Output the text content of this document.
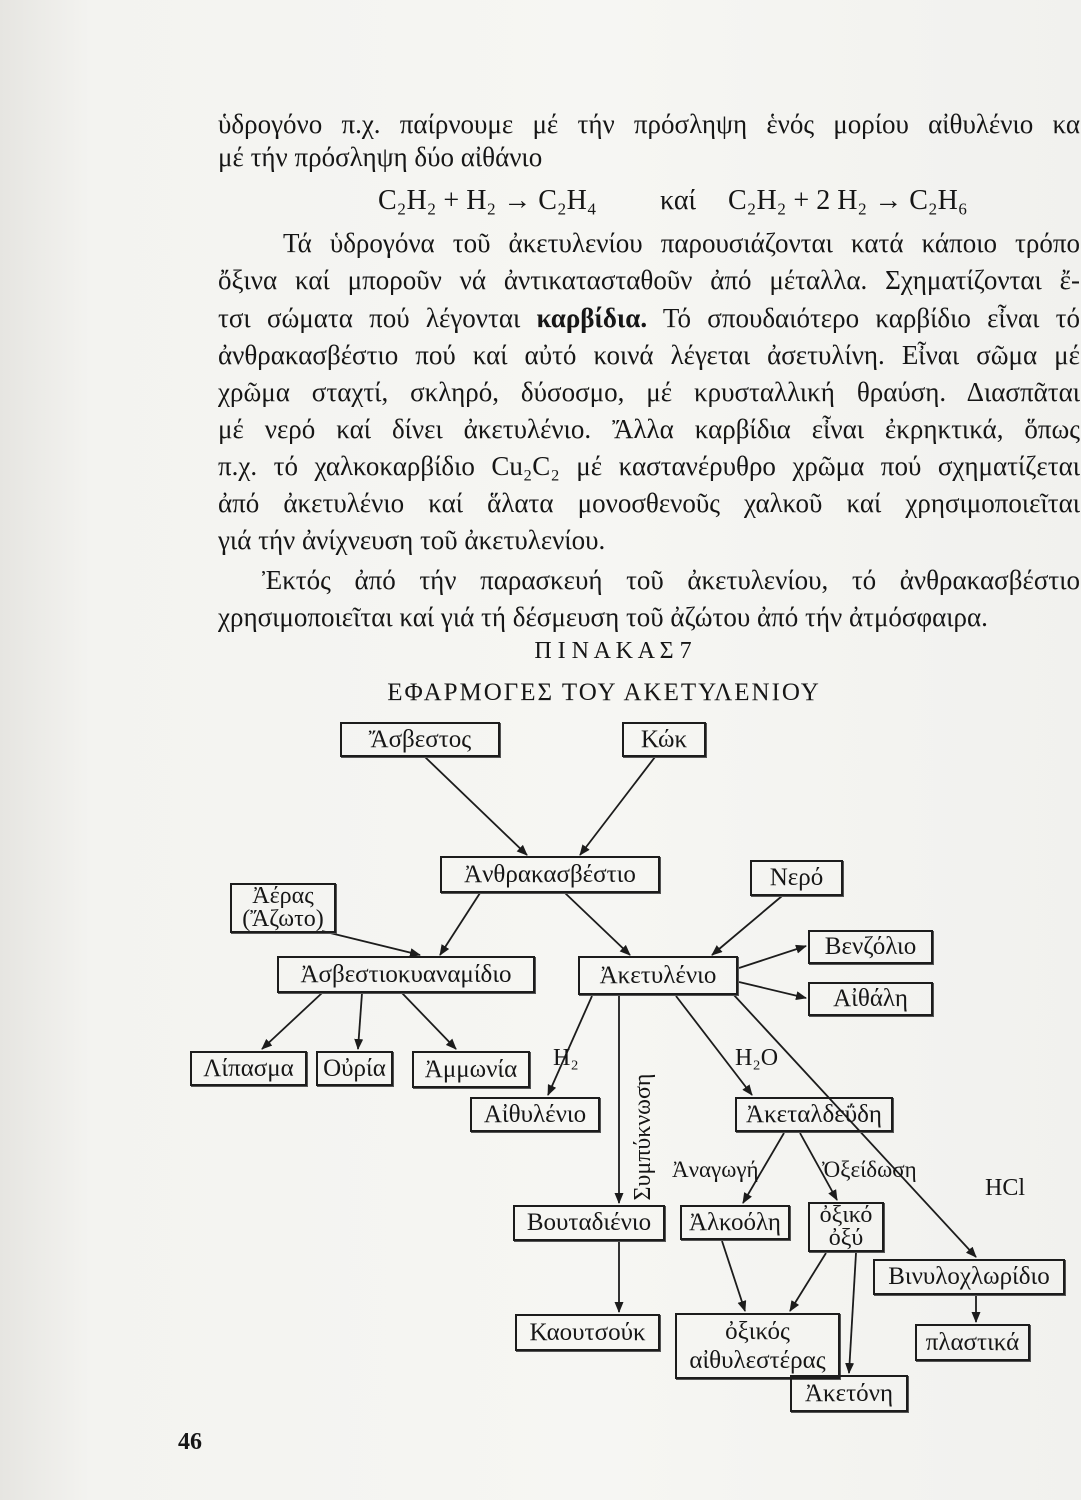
ὑδρογόνο π.χ. παίρνουμε μέ τήν πρόσληψη ἑνός μορίου αἰθυλένιο κα
μέ τήν πρόσληψη δύο αἰθάνιο
C₂H₂ + H₂ → C₂H₄ καί C₂H₂ + 2 H₂ → C₂H₆
Τά ὑδρογόνα τοῦ ἀκετυλενίου παρουσιάζονται κατά κάποιο τρόπο
ὄξινα καί μποροῦν νά ἀντικατασταθοῦν ἀπό μέταλλα. Σχηματίζονται ἔ-
τσι σώματα πού λέγονται καρβίδια. Τό σπουδαιότερο καρβίδιο εἶναι τό
ἀνθρακασβέστιο πού καί αὐτό κοινά λέγεται ἀσετυλίνη. Εἶναι σῶμα μέ
χρῶμα σταχτί, σκληρό, δύσοσμο, μέ κρυσταλλική θραύση. Διασπᾶται
μέ νερό καί δίνει ἀκετυλένιο. Ἄλλα καρβίδια εἶναι ἐκρηκτικά, ὅπως
π.χ. τό χαλκοκαρβίδιο Cu₂C₂ μέ καστανέρυθρο χρῶμα πού σχηματίζεται
ἀπό ἀκετυλένιο καί ἅλατα μονοσθενοῦς χαλκοῦ καί χρησιμοποιεῖται
γιά τήν ἀνίχνευση τοῦ ἀκετυλενίου.
Ἐκτός ἀπό τήν παρασκευή τοῦ ἀκετυλενίου, τό ἀνθρακασβέστιο
χρησιμοποιεῖται καί γιά τή δέσμευση τοῦ ἀζώτου ἀπό τήν ἀτμόσφαιρα.
Π Ι Ν Α Κ Α Σ 7
ΕΦΑΡΜΟΓΕΣ ΤΟΥ ΑΚΕΤΥΛΕΝΙΟΥ
Ἄσβεστος	Κώκ
Ἀέρας
(Ἄζωτο)
Ἀνθρακασβέστιο	Νερό
Ἀσβεστιοκυαναμίδιο	Ἀκετυλένιο
Βενζόλιο
Αἰθάλη
Λίπασμα Οὐρία Ἀμμωνία
Αἰθυλένιο	Ἀκεταλδεΰδη
Βουταδιένιο Ἀλκοόλη ὀξικό
ὀξύ
Βινυλοχλωρίδιο
Καουτσούκ	ὀξικός
αἰθυλεστέρας
πλαστικά
Ἀκετόνη
H₂
Συμπύκνωση
H₂O
Ἀναγωγή	Ὀξείδωση
HCl
46
